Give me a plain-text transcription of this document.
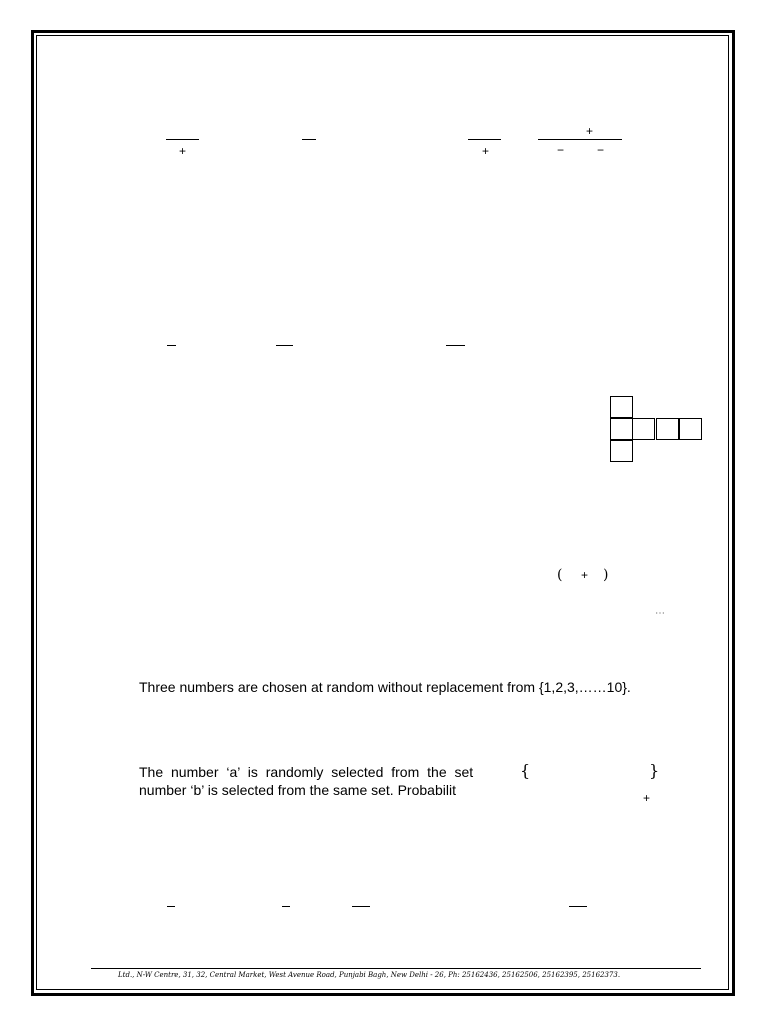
+	+
+
−	−
( + )
⋯
Three numbers are chosen at random without replacement from {1,2,3,……10}.
The number ‘a’ is randomly selected from the set	{	}
number ‘b’ is selected from the same set. Probabilit	+
Ltd., N-W Centre, 31, 32, Central Market, West Avenue Road, Punjabi Bagh, New Delhi - 26, Ph: 25162436, 25162506, 25162395, 25162373.
